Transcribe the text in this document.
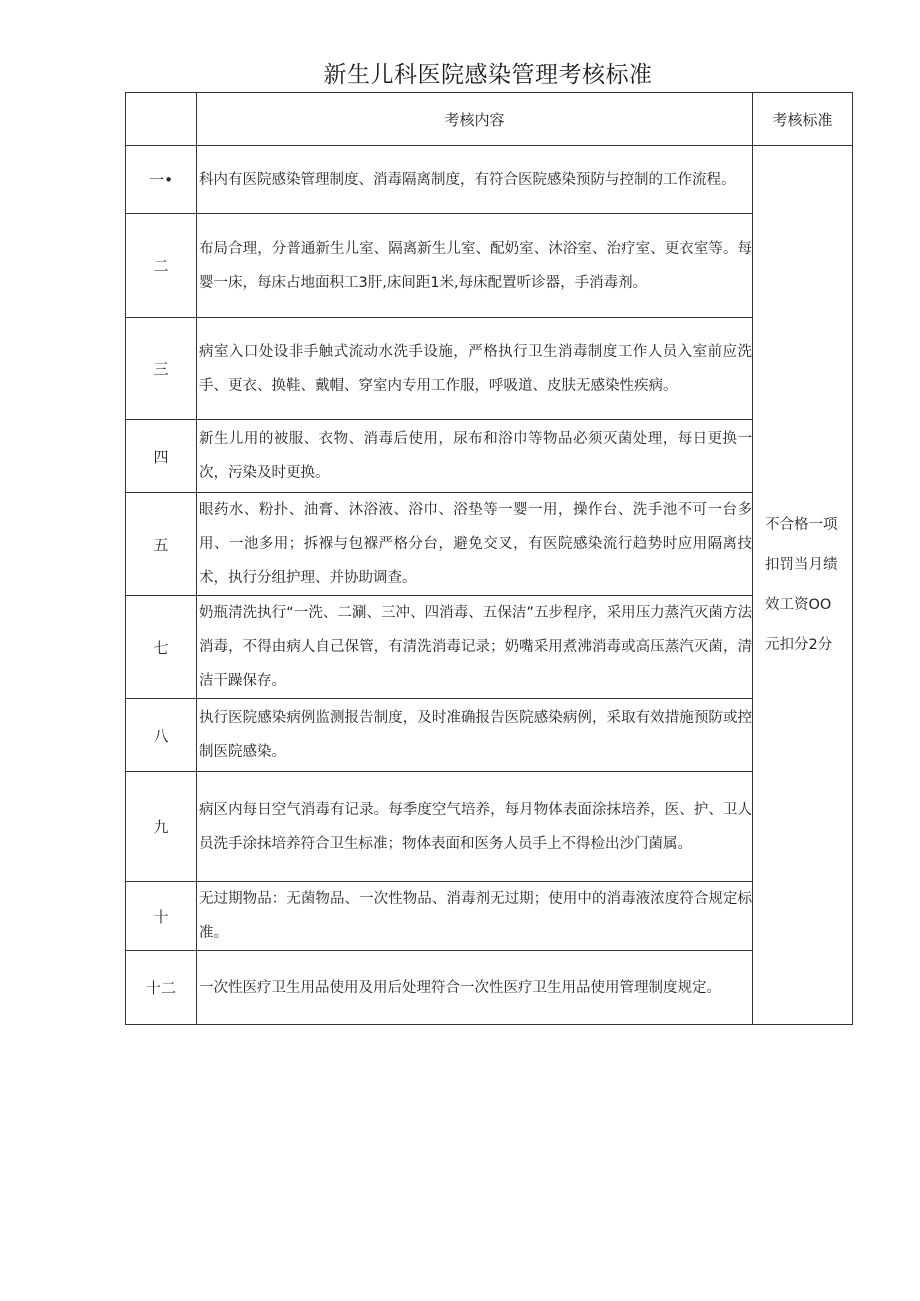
新生儿科医院感染管理考核标准
	考核内容	考核标准
一•	科内有医院感染管理制度、消毒隔离制度，有符合医院感染预防与控制的工作流程。	不合格一项
扣罚当月绩
效工资OO
元扣分2分

二	布局合理，分普通新生儿室、隔离新生儿室、配奶室、沐浴室、治疗室、更衣室等。每婴一床，每床占地面积工3肝,床间距1米,每床配置听诊器，手消毒剂。	
三	病室入口处设非手触式流动水洗手设施，严格执行卫生消毒制度工作人员入室前应洗手、更衣、换鞋、戴帽、穿室内专用工作服，呼吸道、皮肤无感染性疾病。	
四	新生儿用的被服、衣物、消毒后使用，尿布和浴巾等物品必须灭菌处理，每日更换一次，污染及时更换。	
五	眼药水、粉扑、油膏、沐浴液、浴巾、浴垫等一婴一用，操作台、洗手池不可一台多用、一池多用；拆褓与包褓严格分台，避免交叉，有医院感染流行趋势时应用隔离技术，执行分组护理、并协助调查。	
七	奶瓶清洗执行“一洗、二涮、三冲、四消毒、五保洁”五步程序，采用压力蒸汽灭菌方法消毒，不得由病人自己保管，有清洗消毒记录；奶嘴采用煮沸消毒或高压蒸汽灭菌，清洁干躁保存。	
八	执行医院感染病例监测报告制度，及时准确报告医院感染病例，采取有效措施预防或控制医院感染。	
九	病区内每日空气消毒有记录。每季度空气培养，每月物体表面涂抹培养，医、护、卫人员洗手涂抹培养符合卫生标准；物体表面和医务人员手上不得检出沙门菌属。	
十	无过期物品：无菌物品、一次性物品、消毒剂无过期；使用中的消毒液浓度符合规定标准。	
十二	一次性医疗卫生用品使用及用后处理符合一次性医疗卫生用品使用管理制度规定。	
